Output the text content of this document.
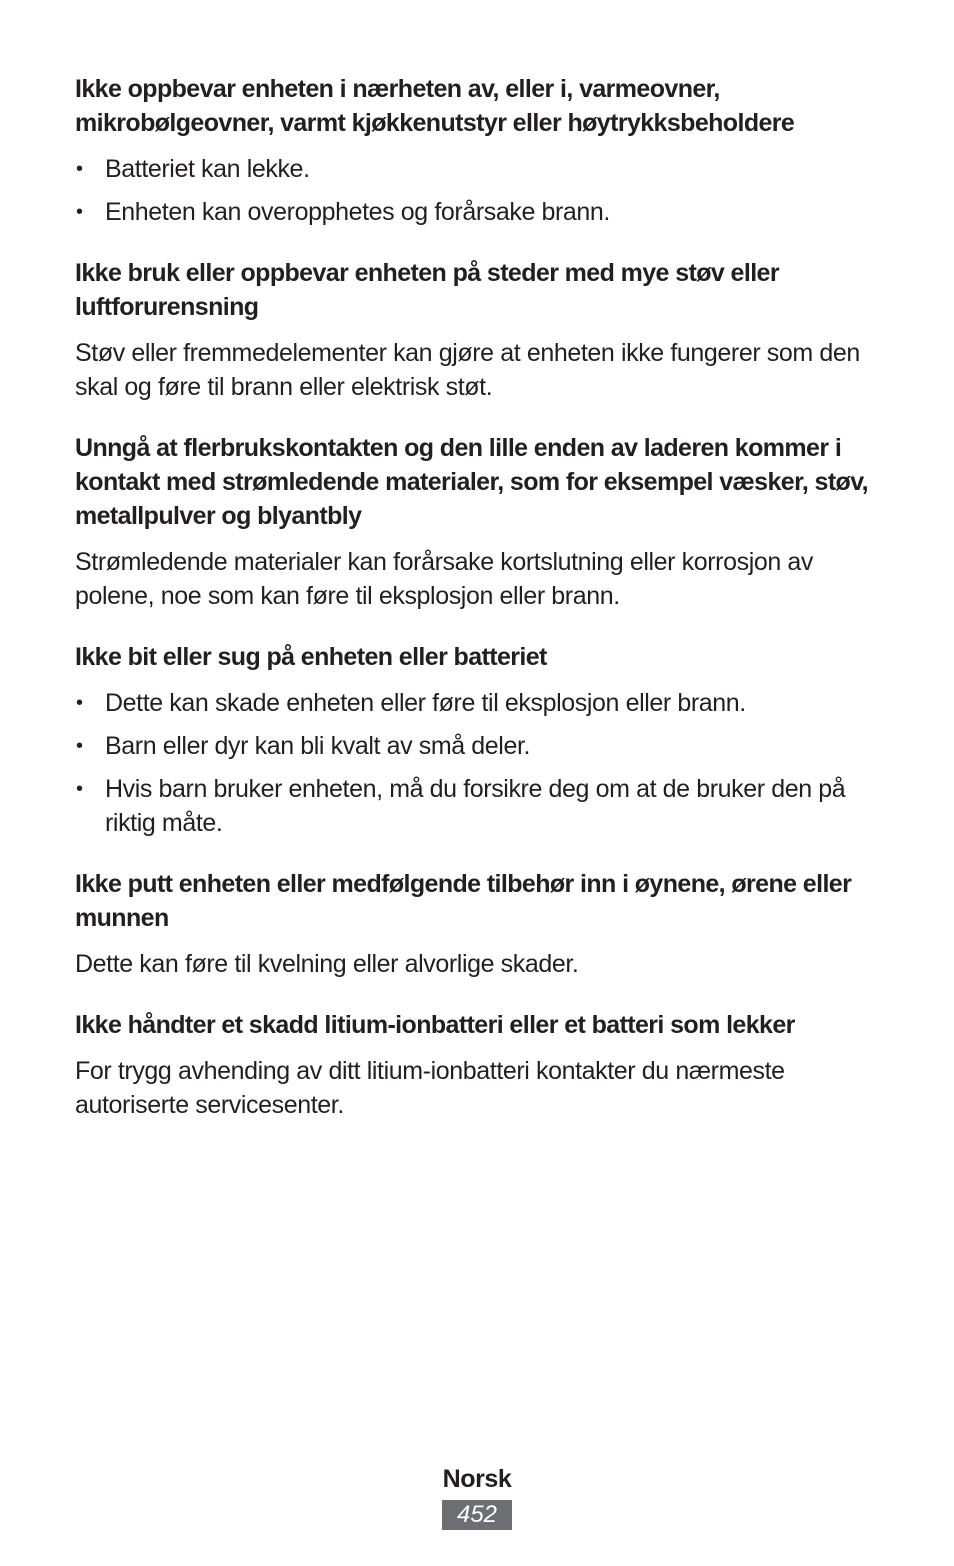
Ikke oppbevar enheten i nærheten av, eller i, varmeovner, mikrobølgeovner, varmt kjøkkenutstyr eller høytrykksbeholdere

• Batteriet kan lekke.
• Enheten kan overopphetes og forårsake brann.

Ikke bruk eller oppbevar enheten på steder med mye støv eller luftforurensning

Støv eller fremmedelementer kan gjøre at enheten ikke fungerer som den skal og føre til brann eller elektrisk støt.

Unngå at flerbrukskontakten og den lille enden av laderen kommer i kontakt med strømledende materialer, som for eksempel væsker, støv, metallpulver og blyantbly

Strømledende materialer kan forårsake kortslutning eller korrosjon av polene, noe som kan føre til eksplosjon eller brann.

Ikke bit eller sug på enheten eller batteriet

• Dette kan skade enheten eller føre til eksplosjon eller brann.
• Barn eller dyr kan bli kvalt av små deler.
• Hvis barn bruker enheten, må du forsikre deg om at de bruker den på riktig måte.

Ikke putt enheten eller medfølgende tilbehør inn i øynene, ørene eller munnen

Dette kan føre til kvelning eller alvorlige skader.

Ikke håndter et skadd litium-ionbatteri eller et batteri som lekker

For trygg avhending av ditt litium-ionbatteri kontakter du nærmeste autoriserte servicesenter.

Norsk
452
